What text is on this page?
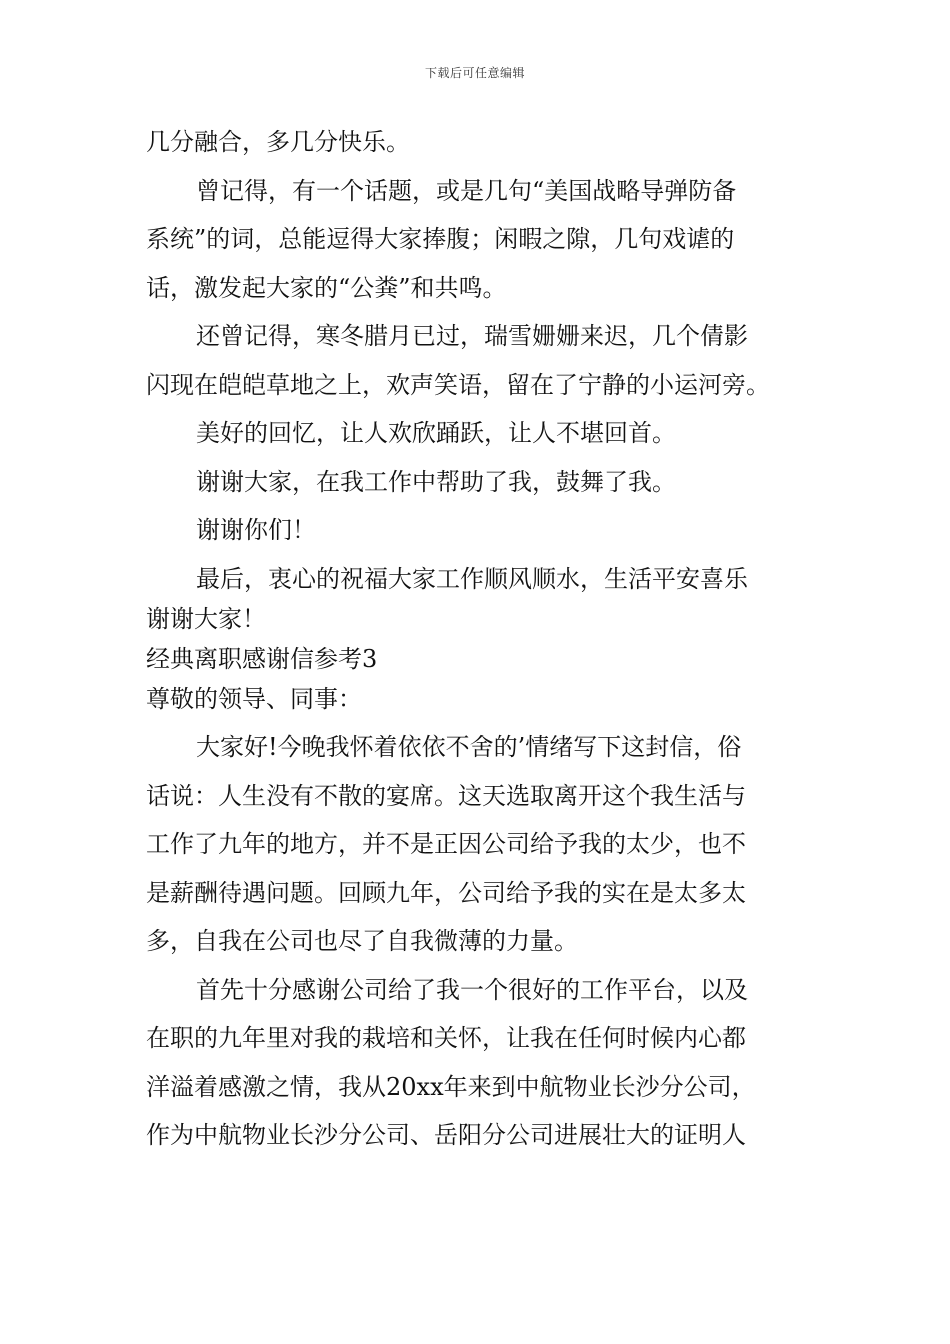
下载后可任意编辑
几分融合，多几分快乐。
曾记得，有一个话题，或是几句“美国战略导弹防备
系统”的词，总能逗得大家捧腹；闲暇之隙，几句戏谑的
话，激发起大家的“公粪”和共鸣。
还曾记得，寒冬腊月已过，瑞雪姗姗来迟，几个倩影
闪现在皑皑草地之上，欢声笑语，留在了宁静的小运河旁。
美好的回忆，让人欢欣踊跃，让人不堪回首。
谢谢大家，在我工作中帮助了我，鼓舞了我。
谢谢你们！
最后，衷心的祝福大家工作顺风顺水，生活平安喜乐
谢谢大家！
经典离职感谢信参考3
尊敬的领导、同事：
大家好!今晚我怀着依依不舍的’情绪写下这封信，俗
话说：人生没有不散的宴席。这天选取离开这个我生活与
工作了九年的地方，并不是正因公司给予我的太少，也不
是薪酬待遇问题。回顾九年，公司给予我的实在是太多太
多，自我在公司也尽了自我微薄的力量。
首先十分感谢公司给了我一个很好的工作平台，以及
在职的九年里对我的栽培和关怀，让我在任何时候内心都
洋溢着感激之情，我从20xx年来到中航物业长沙分公司，
作为中航物业长沙分公司、岳阳分公司进展壮大的证明人
